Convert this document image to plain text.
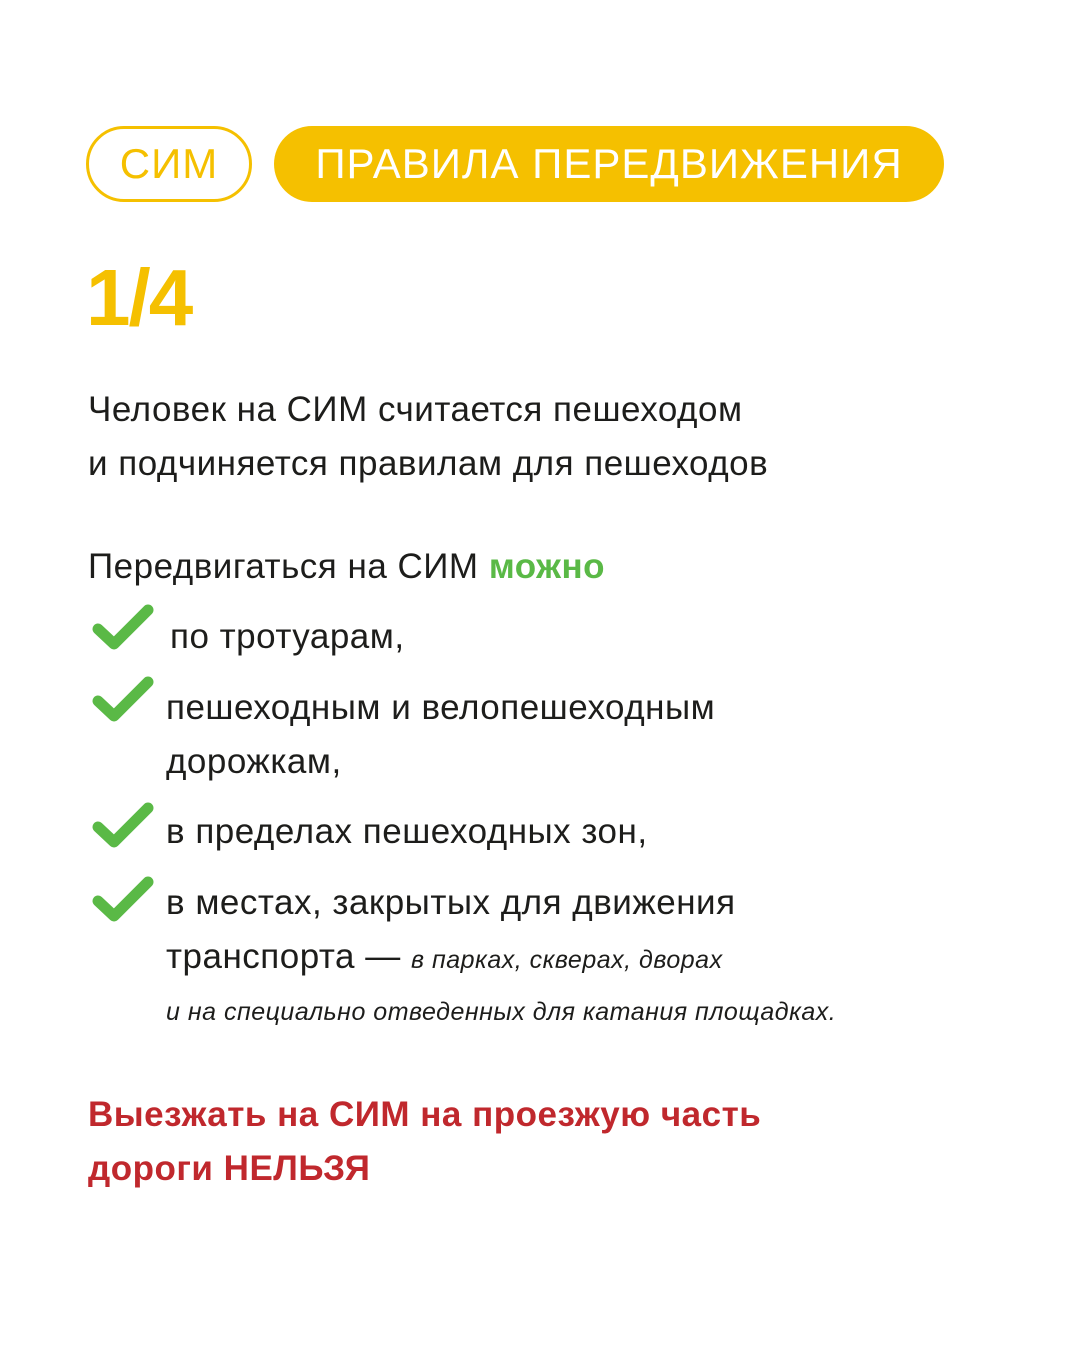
СИМ ПРАВИЛА ПЕРЕДВИЖЕНИЯ
1/4
Человек на СИМ считается пешеходом
и подчиняется правилам для пешеходов
Передвигаться на СИМ можно
по тротуарам,
пешеходным и велопешеходным
дорожкам,
в пределах пешеходных зон,
в местах, закрытых для движения
транспорта — в парках, скверах, дворах
и на специально отведенных для катания площадках.
Выезжать на СИМ на проезжую часть
дороги НЕЛЬЗЯ
